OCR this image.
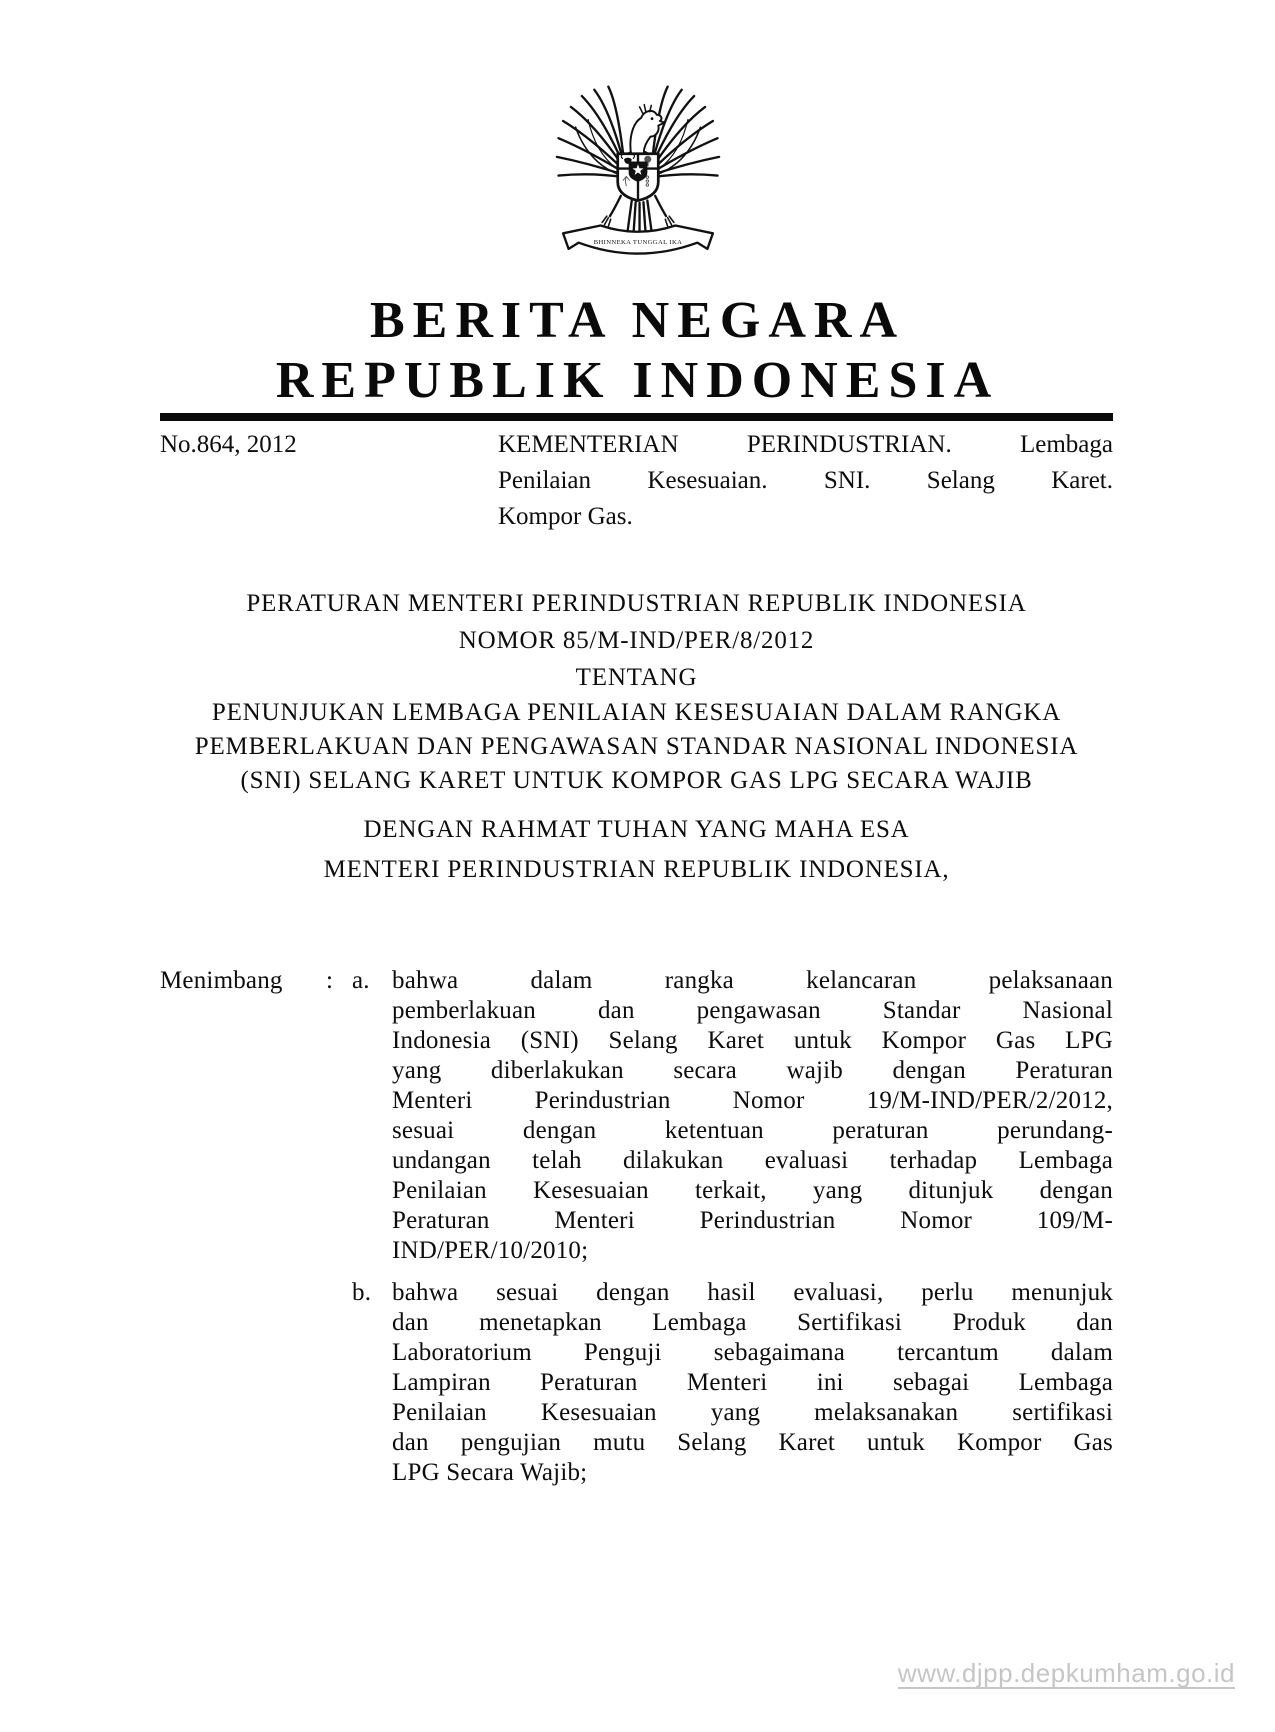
BHINNEKA TUNGGAL IKA
BERITA NEGARA
REPUBLIK INDONESIA
No.864, 2012	KEMENTERIAN PERINDUSTRIAN. Lembaga
Penilaian Kesesuaian. SNI. Selang Karet.
Kompor Gas.
PERATURAN MENTERI PERINDUSTRIAN REPUBLIK INDONESIA
NOMOR 85/M-IND/PER/8/2012
TENTANG
PENUNJUKAN LEMBAGA PENILAIAN KESESUAIAN DALAM RANGKA
PEMBERLAKUAN DAN PENGAWASAN STANDAR NASIONAL INDONESIA
(SNI) SELANG KARET UNTUK KOMPOR GAS LPG SECARA WAJIB
DENGAN RAHMAT TUHAN YANG MAHA ESA
MENTERI PERINDUSTRIAN REPUBLIK INDONESIA,
Menimbang	: a. bahwa dalam rangka kelancaran pelaksanaan
pemberlakuan dan pengawasan Standar Nasional
Indonesia (SNI) Selang Karet untuk Kompor Gas LPG
yang diberlakukan secara wajib dengan Peraturan
Menteri Perindustrian Nomor 19/M-IND/PER/2/2012,
sesuai dengan ketentuan peraturan perundang-
undangan telah dilakukan evaluasi terhadap Lembaga
Penilaian Kesesuaian terkait, yang ditunjuk dengan
Peraturan Menteri Perindustrian Nomor 109/M-
IND/PER/10/2010;
b. bahwa sesuai dengan hasil evaluasi, perlu menunjuk
dan menetapkan Lembaga Sertifikasi Produk dan
Laboratorium Penguji sebagaimana tercantum dalam
Lampiran Peraturan Menteri ini sebagai Lembaga
Penilaian Kesesuaian yang melaksanakan sertifikasi
dan pengujian mutu Selang Karet untuk Kompor Gas
LPG Secara Wajib;
www.djpp.depkumham.go.id
